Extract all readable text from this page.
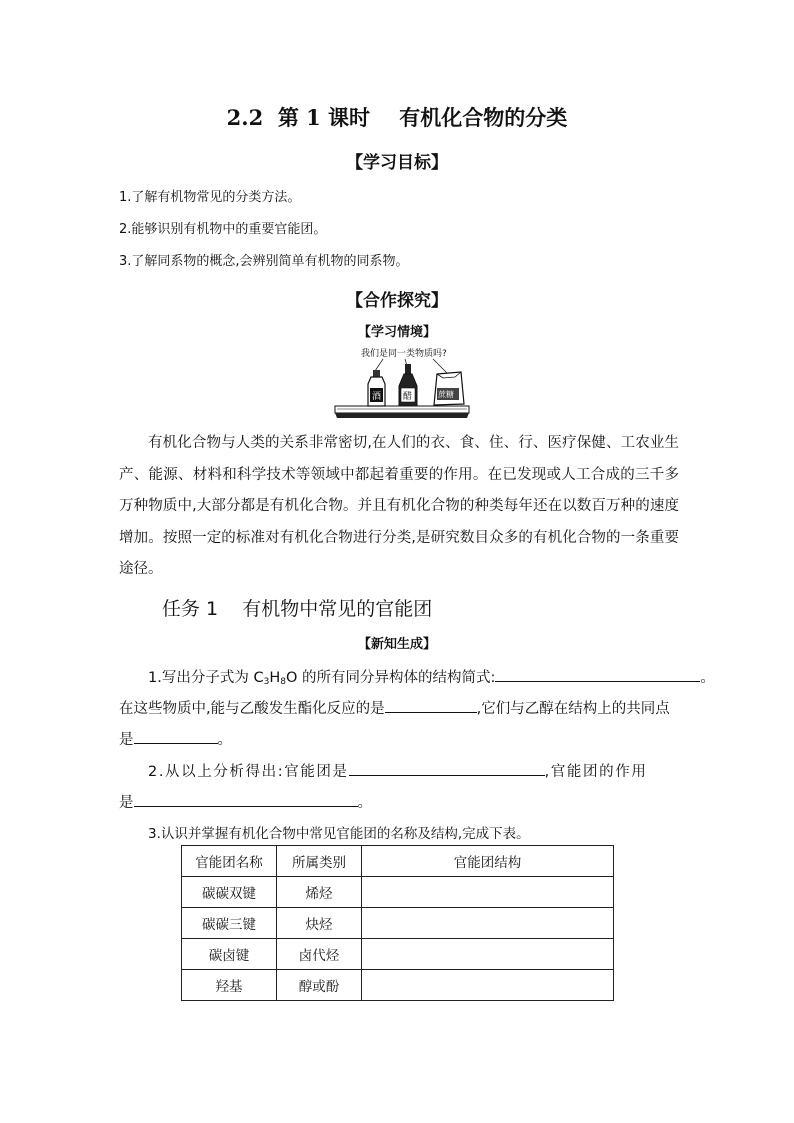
2.2  第 1 课时    有机化合物的分类
【学习目标】
1.了解有机物常见的分类方法。
2.能够识别有机物中的重要官能团。
3.了解同系物的概念,会辨别简单有机物的同系物。
【合作探究】
【学习情境】
我们是同一类物质吗?
酒 醋	蔗糖
有机化合物与人类的关系非常密切,在人们的衣、食、住、行、医疗保健、工农业生产、能源、材料和科学技术等领域中都起着重要的作用。在已发现或人工合成的三千多万种物质中,大部分都是有机化合物。并且有机化合物的种类每年还在以数百万种的速度增加。按照一定的标准对有机化合物进行分类,是研究数目众多的有机化合物的一条重要途径。
任务 1    有机物中常见的官能团
【新知生成】
1.写出分子式为 $C_3H_8O$ 的所有同分异构体的结构简式:	。
在这些物质中,能与乙酸发生酯化反应的是	,它们与乙醇在结构上的共同点
是	。
2.从以上分析得出:官能团是	,官能团的作用
是	。
3.认识并掌握有机化合物中常见官能团的名称及结构,完成下表。
官能团名称	所属类别	官能团结构
碳碳双键	烯烃	
碳碳三键	炔烃	
碳卤键	卤代烃	
羟基	醇或酚	
